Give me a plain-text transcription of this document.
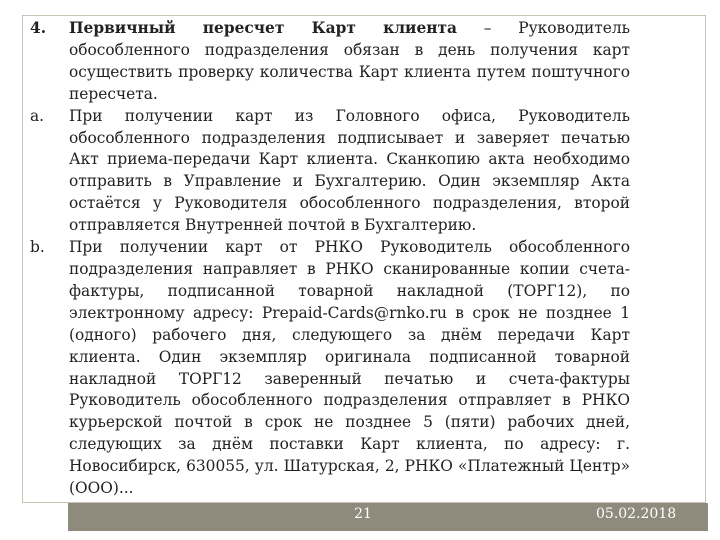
4. Первичный пересчет Карт клиента – Руководитель обособленного подразделения обязан в день получения карт осуществить проверку количества Карт клиента путем поштучного пересчета.
a. При получении карт из Головного офиса, Руководитель обособленного подразделения подписывает и заверяет печатью Акт приема-передачи Карт клиента. Сканкопию акта необходимо отправить в Управление и Бухгалтерию. Один экземпляр Акта остаётся у Руководителя обособленного подразделения, второй отправляется Внутренней почтой в Бухгалтерию.
b. При получении карт от РНКО Руководитель обособленного подразделения направляет в РНКО сканированные копии счета-фактуры, подписанной товарной накладной (ТОРГ12), по электронному адресу: Prepaid-Cards@rnko.ru в срок не позднее 1 (одного) рабочего дня, следующего за днём передачи Карт клиента. Один экземпляр оригинала подписанной товарной накладной ТОРГ12 заверенный печатью и счета-фактуры Руководитель обособленного подразделения отправляет в РНКО курьерской почтой в срок не позднее 5 (пяти) рабочих дней, следующих за днём поставки Карт клиента, по адресу: г. Новосибирск, 630055, ул. Шатурская, 2, РНКО «Платежный Центр» (ООО)...
21	05.02.2018
